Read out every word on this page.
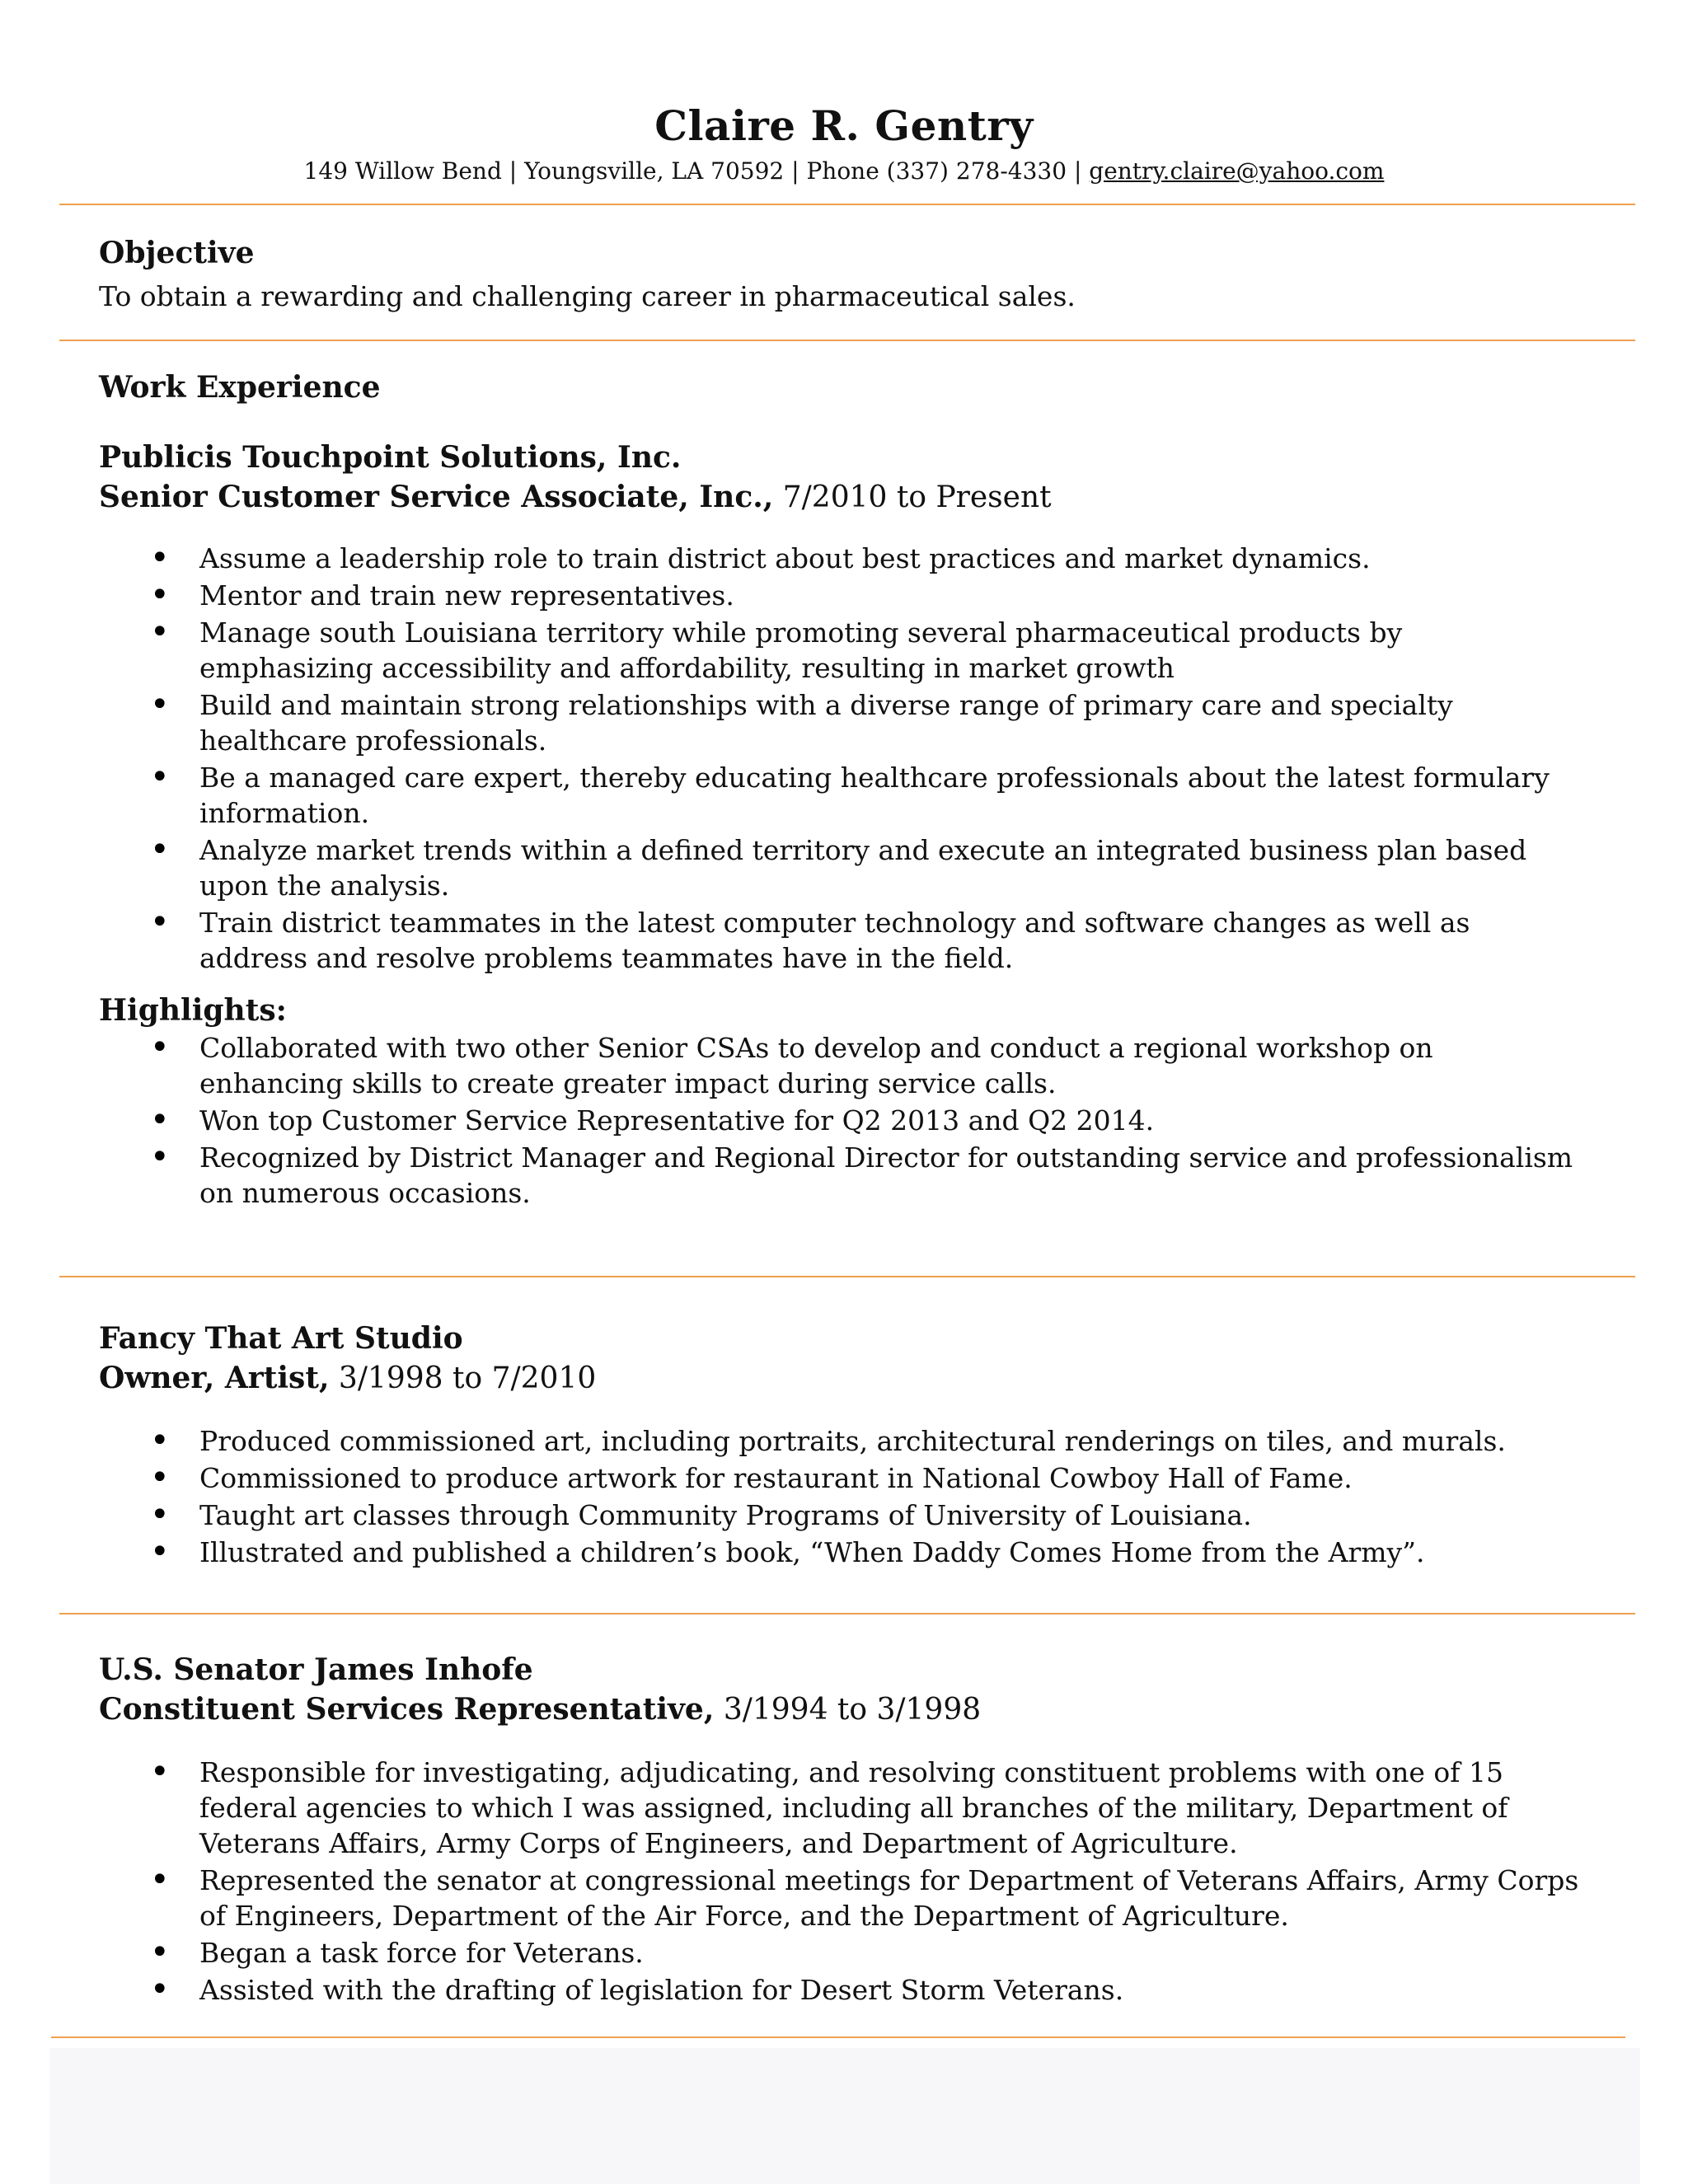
Claire R. Gentry
149 Willow Bend | Youngsville, LA 70592 | Phone (337) 278-4330 | gentry.claire@yahoo.com
Objective
To obtain a rewarding and challenging career in pharmaceutical sales.
Work Experience
Publicis Touchpoint Solutions, Inc.
Senior Customer Service Associate, Inc., 7/2010 to Present
• Assume a leadership role to train district about best practices and market dynamics.
• Mentor and train new representatives.
• Manage south Louisiana territory while promoting several pharmaceutical products by emphasizing accessibility and affordability, resulting in market growth
• Build and maintain strong relationships with a diverse range of primary care and specialty healthcare professionals.
• Be a managed care expert, thereby educating healthcare professionals about the latest formulary information.
• Analyze market trends within a defined territory and execute an integrated business plan based upon the analysis.
• Train district teammates in the latest computer technology and software changes as well as address and resolve problems teammates have in the field.
Highlights:
• Collaborated with two other Senior CSAs to develop and conduct a regional workshop on enhancing skills to create greater impact during service calls.
• Won top Customer Service Representative for Q2 2013 and Q2 2014.
• Recognized by District Manager and Regional Director for outstanding service and professionalism on numerous occasions.
Fancy That Art Studio
Owner, Artist, 3/1998 to 7/2010
• Produced commissioned art, including portraits, architectural renderings on tiles, and murals.
• Commissioned to produce artwork for restaurant in National Cowboy Hall of Fame.
• Taught art classes through Community Programs of University of Louisiana.
• Illustrated and published a children’s book, “When Daddy Comes Home from the Army”.
U.S. Senator James Inhofe
Constituent Services Representative, 3/1994 to 3/1998
• Responsible for investigating, adjudicating, and resolving constituent problems with one of 15 federal agencies to which I was assigned, including all branches of the military, Department of Veterans Affairs, Army Corps of Engineers, and Department of Agriculture.
• Represented the senator at congressional meetings for Department of Veterans Affairs, Army Corps of Engineers, Department of the Air Force, and the Department of Agriculture.
• Began a task force for Veterans.
• Assisted with the drafting of legislation for Desert Storm Veterans.
